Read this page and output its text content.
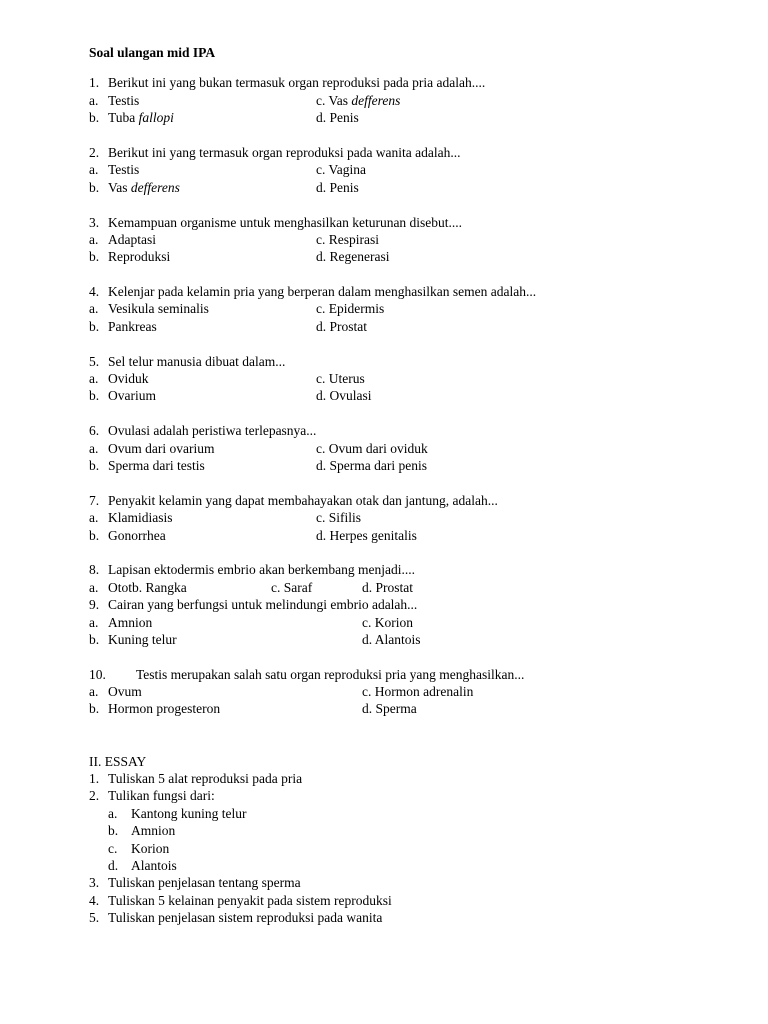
Soal ulangan mid IPA
1. Berikut ini yang bukan termasuk organ reproduksi pada pria adalah....
a. Testis	c. Vas defferens
b. Tuba fallopi	d. Penis
2. Berikut ini yang termasuk organ reproduksi pada wanita adalah...
a. Testis	c. Vagina
b. Vas defferens	d. Penis
3. Kemampuan organisme untuk menghasilkan keturunan disebut....
a. Adaptasi	c. Respirasi
b. Reproduksi	d. Regenerasi
4. Kelenjar pada kelamin pria yang berperan dalam menghasilkan semen adalah...
a. Vesikula seminalis	c. Epidermis
b. Pankreas	d. Prostat
5. Sel telur manusia dibuat dalam...
a. Oviduk	c. Uterus
b. Ovarium	d. Ovulasi
6. Ovulasi adalah peristiwa terlepasnya...
a. Ovum dari ovarium	c. Ovum dari oviduk
b. Sperma dari testis	d. Sperma dari penis
7. Penyakit kelamin yang dapat membahayakan otak dan jantung, adalah...
a. Klamidiasis	c. Sifilis
b. Gonorrhea	d. Herpes genitalis
8. Lapisan ektodermis embrio akan berkembang menjadi....
a. Ototb. Rangka	c. Saraf	d. Prostat
9. Cairan yang berfungsi untuk melindungi embrio adalah...
a. Amnion	c. Korion
b. Kuning telur	d. Alantois
10. Testis merupakan salah satu organ reproduksi pria yang menghasilkan...
a. Ovum	c. Hormon adrenalin
b. Hormon progesteron	d. Sperma
II. ESSAY
1. Tuliskan 5 alat reproduksi pada pria
2. Tulikan fungsi dari:
a. Kantong kuning telur
b. Amnion
c. Korion
d. Alantois
3. Tuliskan penjelasan tentang sperma
4. Tuliskan 5 kelainan penyakit pada sistem reproduksi
5. Tuliskan penjelasan sistem reproduksi pada wanita
